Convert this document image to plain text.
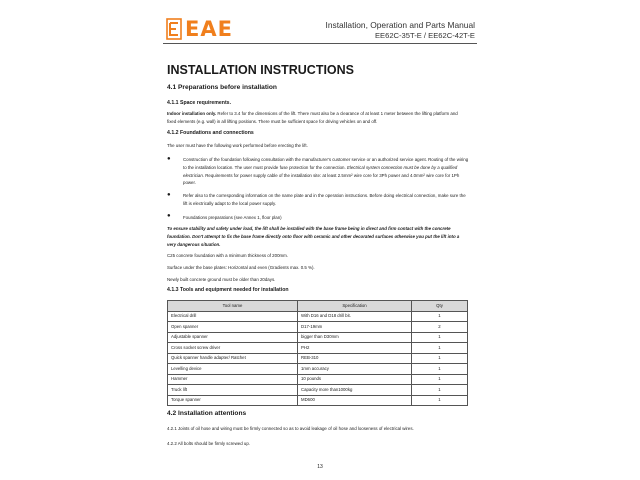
EAE	Installation, Operation and Parts Manual
EE62C-35T-E / EE62C-42T-E
INSTALLATION INSTRUCTIONS
4.1 Preparations before installation
4.1.1 Space requirements.
Indoor installation only. Refer to 3.4 for the dimensions of the lift. There must also be a clearance of at least 1 meter between the lifting platform and fixed elements (e.g. wall) in all lifting positions. There must be sufficient space for driving vehicles on and off.
4.1.2 Foundations and connections
The user must have the following work performed before erecting the lift.
●	Construction of the foundation following consultation with the manufacturer's customer service or an authorized service agent. Routing of the wiring to the installation location. The user must provide fuse protection for the connection. Electrical system connection must be done by a qualified electrician. Requirements for power supply cable of the installation site: at least 2.5mm² wire core for 3Ph power and 4.0mm² wire core for 1Ph power.
●	Refer also to the corresponding information on the name plate and in the operation instructions. Before doing electrical connection, make sure the lift is electrically adapt to the local power supply.
●	Foundations preparations (see Annex 1, floor plan)
To ensure stability and safety under load, the lift shall be installed with the base frame being in direct and firm contact with the concrete foundation. Don't attempt to fix the base frame directly onto floor with ceramic and other decorated surfaces otherwise you put the lift into a very dangerous situation.
C25 concrete foundation with a minimum thickness of 200mm.
Surface under the base plates: Horizontal and even (Gradients max. 0.5 %).
Newly built concrete ground must be older than 20days.
4.1.3 Tools and equipment needed for installation
Tool name	Specification	Qty
Electrical drill	With D16 and D18 drill bit.	1
Open spanner	D17-19mm	2
Adjustable spanner	bigger than D30mm	1
Cross socket screw driver	PH2	1
Quick spanner handle adapter/ Ratchet	REB-310	1
Levelling device	1mm accuracy	1
Hammer	10 pounds	1
Truck lift	Capacity more than1000kg	1
Torque spanner	MD600	1
4.2 Installation attentions
4.2.1 Joints of oil hose and wiring must be firmly connected so as to avoid leakage of oil hose and looseness of electrical wires.
4.2.2 All bolts should be firmly screwed up.
13
